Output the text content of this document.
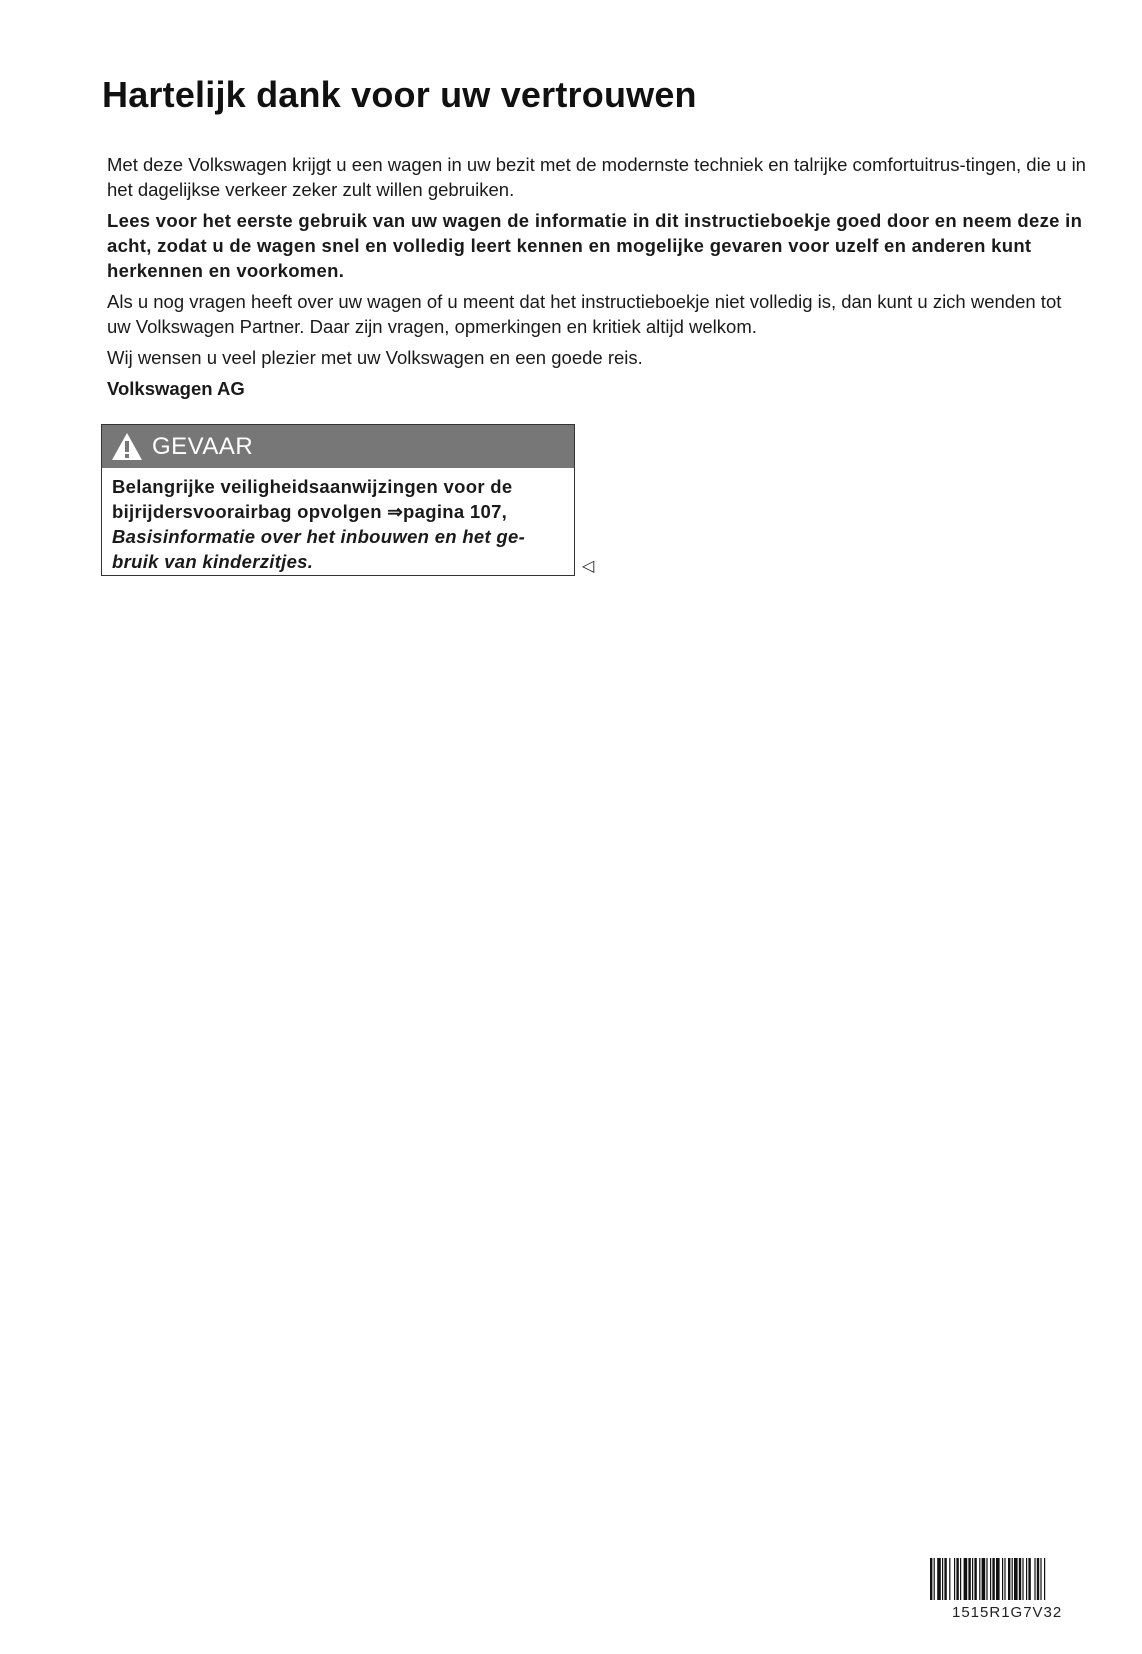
Hartelijk dank voor uw vertrouwen

Met deze Volkswagen krijgt u een wagen in uw bezit met de modernste techniek en talrijke comfortuitrus-tingen, die u in het dagelijkse verkeer zeker zult willen gebruiken.

Lees voor het eerste gebruik van uw wagen de informatie in dit instructieboekje goed door en neem deze in acht, zodat u de wagen snel en volledig leert kennen en mogelijke gevaren voor uzelf en anderen kunt herkennen en voorkomen.

Als u nog vragen heeft over uw wagen of u meent dat het instructieboekje niet volledig is, dan kunt u zich wenden tot uw Volkswagen Partner. Daar zijn vragen, opmerkingen en kritiek altijd welkom.

Wij wensen u veel plezier met uw Volkswagen en een goede reis.

Volkswagen AG

GEVAAR
Belangrijke veiligheidsaanwijzingen voor de bijrijdersvoorairbag opvolgen ⇒pagina 107, Basisinformatie over het inbouwen en het ge-bruik van kinderzitjes.	◁
1515R1G7V32
